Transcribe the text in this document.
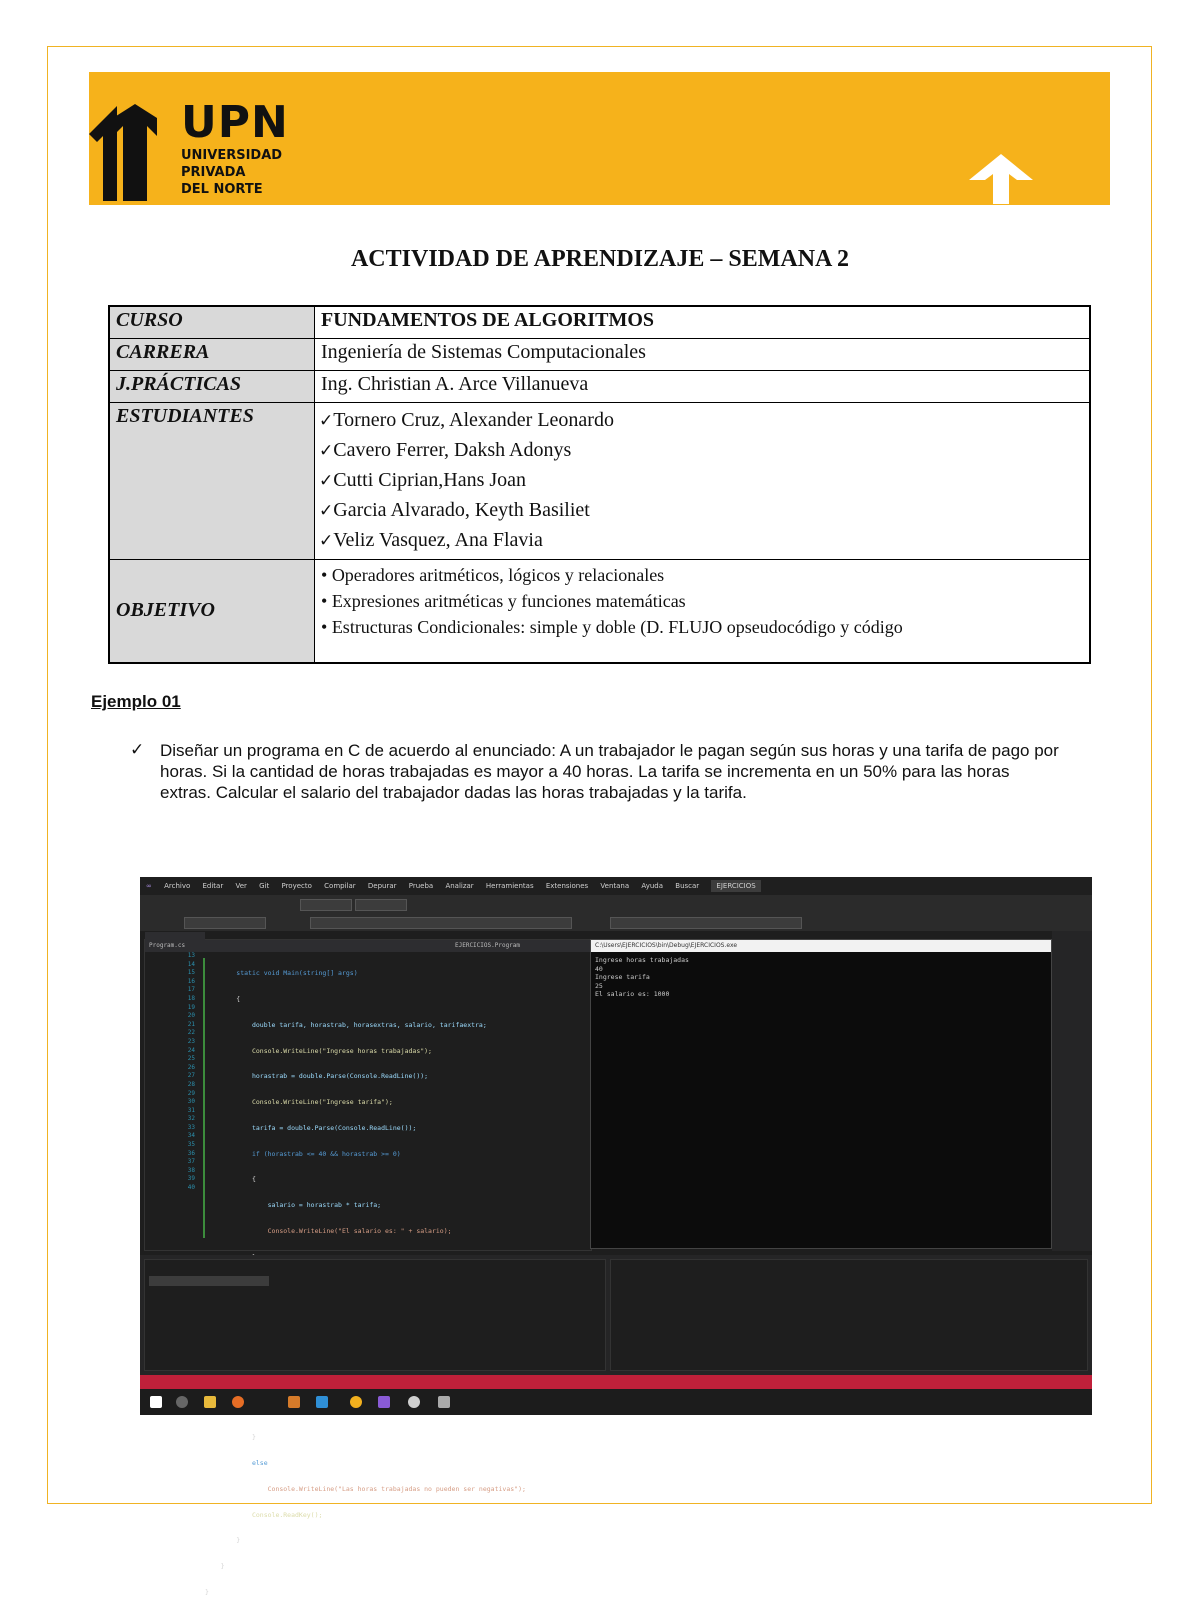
UPN
UNIVERSIDAD
PRIVADA
DEL NORTE
ACTIVIDAD DE APRENDIZAJE – SEMANA 2
CURSO	FUNDAMENTOS DE ALGORITMOS
CARRERA	Ingeniería de Sistemas Computacionales
J.PRÁCTICAS	Ing. Christian A. Arce Villanueva
ESTUDIANTES	✓Tornero Cruz, Alexander Leonardo
✓Cavero Ferrer, Daksh Adonys
✓Cutti Ciprian,Hans Joan
✓Garcia Alvarado, Keyth Basiliet
✓Veliz Vasquez, Ana Flavia

OBJETIVO	• Operadores aritméticos, lógicos y relacionales
• Expresiones aritméticas y funciones matemáticas
• Estructuras Condicionales: simple y doble (D. FLUJO opseudocódigo y código
Ejemplo 01
✓ Diseñar un programa en C de acuerdo al enunciado: A un trabajador le pagan según sus horas y una tarifa de pago por horas. Si la cantidad de horas trabajadas es mayor a 40 horas. La tarifa se incrementa en un 50% para las horas extras. Calcular el salario del trabajador dadas las horas trabajadas y la tarifa.
∞ Archivo Editar Ver Git Proyecto Compilar Depurar Prueba Analizar Herramientas Extensiones Ventana Ayuda Buscar EJERCICIOS
Program.cs	EJERCICIOS.Program
13
14
15
16
17
18
19
20
21
22
23
24
25
26
27
28
29
30
31
32
33
34
35
36
37
38
39
40

static void Main(string[] args)

{

double tarifa, horastrab, horasextras, salario, tarifaextra;

Console.WriteLine("Ingrese horas trabajadas");

horastrab = double.Parse(Console.ReadLine());

Console.WriteLine("Ingrese tarifa");

tarifa = double.Parse(Console.ReadLine());

if (horastrab <= 40 && horastrab >= 0)

{

salario = horastrab * tarifa;

Console.WriteLine("El salario es: " + salario);

}

else

Console.WriteLine("Las horas trabajadas no pueden ser negativas");

Console.ReadKey();

}

}

}

C:\Users\EJERCICIOS\bin\Debug\EJERCICIOS.exe
Ingrese horas trabajadas
40
Ingrese tarifa
25
El salario es: 1000
